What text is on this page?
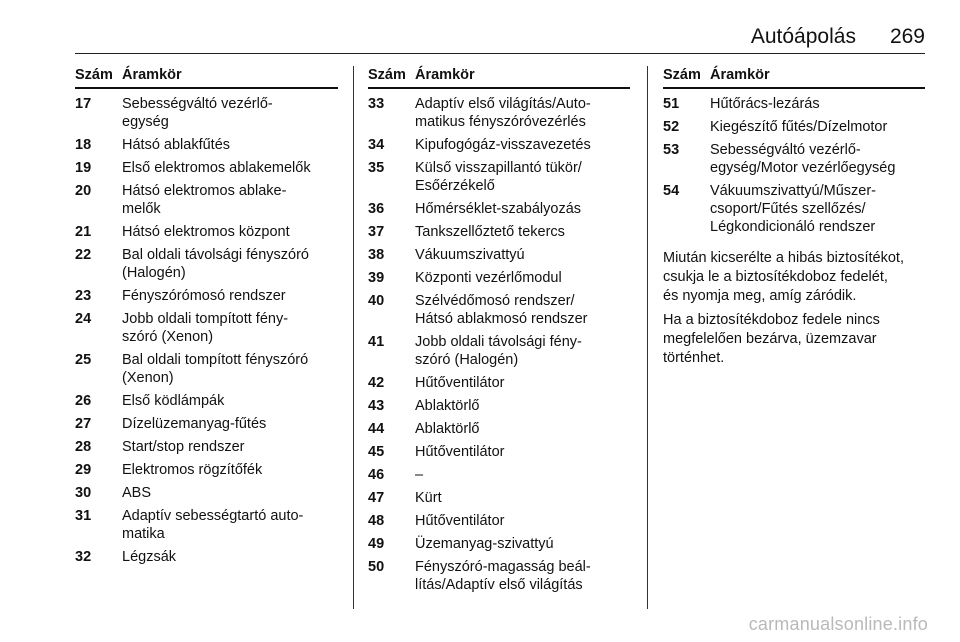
Autóápolás 269
Szám Áramkör
17	Sebességváltó vezérlő-
egység
18	Hátsó ablakfűtés
19	Első elektromos ablakemelők
20	Hátsó elektromos ablake-
melők
21	Hátsó elektromos központ
22	Bal oldali távolsági fényszóró
(Halogén)
23	Fényszórómosó rendszer
24	Jobb oldali tompított fény-
szóró (Xenon)
25	Bal oldali tompított fényszóró
(Xenon)
26	Első ködlámpák
27	Dízelüzemanyag-fűtés
28	Start/stop rendszer
29	Elektromos rögzítőfék
30	ABS
31	Adaptív sebességtartó auto-
matika
32	Légzsák
Szám Áramkör
33	Adaptív első világítás/Auto-
matikus fényszóróvezérlés
34	Kipufogógáz-visszavezetés
35	Külső visszapillantó tükör/
Esőérzékelő
36	Hőmérséklet-szabályozás
37	Tankszellőztető tekercs
38	Vákuumszivattyú
39	Központi vezérlőmodul
40	Szélvédőmosó rendszer/
Hátsó ablakmosó rendszer
41	Jobb oldali távolsági fény-
szóró (Halogén)
42	Hűtőventilátor
43	Ablaktörlő
44	Ablaktörlő
45	Hűtőventilátor
46	–
47	Kürt
48	Hűtőventilátor
49	Üzemanyag-szivattyú
50	Fényszóró-magasság beál-
lítás/Adaptív első világítás
Szám Áramkör
51	Hűtőrács-lezárás
52	Kiegészítő fűtés/Dízelmotor
53	Sebességváltó vezérlő-
egység/Motor vezérlőegység
54	Vákuumszivattyú/Műszer-
csoport/Fűtés szellőzés/
Légkondicionáló rendszer
Miután kicserélte a hibás biztosítékot,
csukja le a biztosítékdoboz fedelét,
és nyomja meg, amíg záródik.
Ha a biztosítékdoboz fedele nincs
megfelelően bezárva, üzemzavar
történhet.
carmanualsonline.info
